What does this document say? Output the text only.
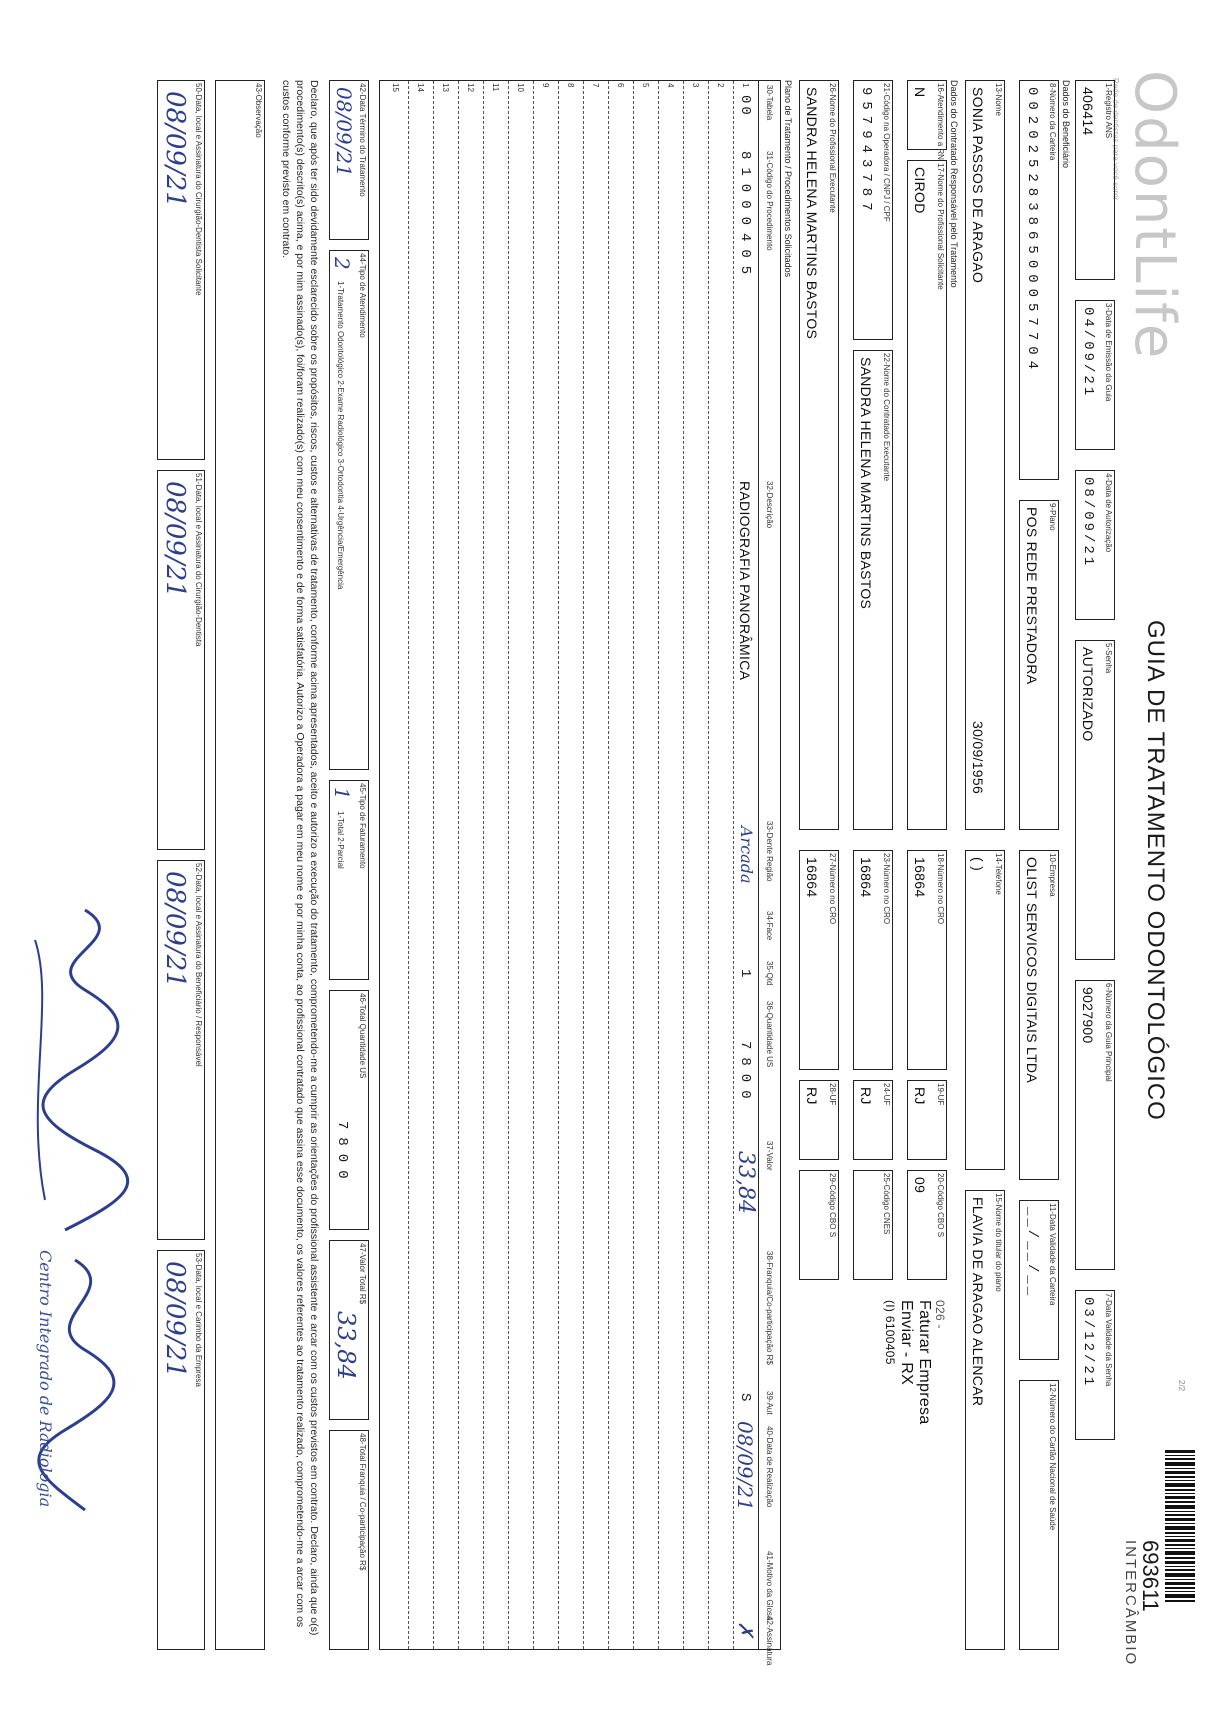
OdontLife
Rede de dentistas para você sorrir
GUIA DE TRATAMENTO ODONTOLÓGICO
2/2
693611
INTERCÂMBIO
1-Registro ANS
406414
3-Data de Emissão da Guia
04/09/21
4-Data de Autorização
08/09/21
5-Senha
AUTORIZADO
6-Número da Guia Principal
9027900
7-Data Validade da Senha
03/12/21
Dados do Beneficiário
8-Número da Carteira
00202528386500057704
9-Plano
POS REDE PRESTADORA
10-Empresa
OLIST SERVICOS DIGITAIS LTDA
11-Data Validade da Carteira
__/__/__
12-Número do Cartão Nacional de Saúde
13-Nome
SONIA PASSOS DE ARAGAO
30/09/1956
14-Telefone
( )
15-Nome do titular do plano
FLAVIA DE ARAGAO ALENCAR
Dados do Contratado Responsável pelo Tratamento
16-Atendimento a RN
N
17-Nome do Profissional Solicitante
CIROD
18-Número no CRO
16864
19-UF
RJ
20-Código CBO S
09
026 -
Faturar Empresa
Enviar - RX
(I) 6100405
21-Código na Operadora / CNPJ / CPF
957943787
22-Nome do Contratado Executante
SANDRA HELENA MARTINS BASTOS
23-Número no CRO
16864
24-UF
RJ
25-Código CNES
26-Nome do Profissional Executante
SANDRA HELENA MARTINS BASTOS
27-Número no CRO
16864
28-UF
RJ
29-Código CBO S
Plano de Tratamento / Procedimentos Solicitados
30-Tabela
31-Código do Procedimento
32-Descrição
33-Dente Região
34-Face
35-Qtd
36-Quantidade US
37-Valor
38-Franquia/Co-participação R$
39-Aut
40-Data de Realização
41-Motivo da Glosa
42-Assinatura
1
00
81000405
RADIOGRAFIA PANORÂMICA
Arcada
1
7800
33,84
S
08/09/21
✗
2
3
4
5
6
7
8
9
10
11
12
13
14
15
42-Data Término do Tratamento
08/09/21
44-Tipo de Atendimento
2
1-Tratamento Odontológico 2-Exame Radiológico 3-Ortodontia 4-Urgência/Emergência
45-Tipo de Faturamento
1
1-Total 2-Parcial
46-Total Quantidade US
7800
47-Valor Total R$
33,84
48-Total Franquia / Co-participação R$
Declaro, que após ter sido devidamente esclarecido sobre os propósitos, riscos, custos e alternativas de tratamento, conforme acima apresentados, aceito e autorizo a execução do tratamento, comprometendo-me a cumprir as orientações do profissional assistente e arcar com os custos previstos em contrato. Declaro, ainda que o(s) procedimento(s) descrito(s) acima, e por mim assinado(s), foi/foram realizado(s) com meu consentimento e de forma satisfatória. Autorizo a Operadora a pagar em meu nome e por minha conta, ao profissional contratado que assina esse documento, os valores referentes ao tratamento realizado, comprometendo-me a arcar com os custos conforme previsto em contrato.
43-Observação
50-Data, local e Assinatura do Cirurgião-Dentista Solicitante
08/09/21
51-Data, local e Assinatura do Cirurgião-Dentista
08/09/21
52-Data, local e Assinatura do Beneficiário / Responsável
08/09/21
53-Data, local e Carimbo da Empresa
08/09/21
Centro Integrado de Radiologia
